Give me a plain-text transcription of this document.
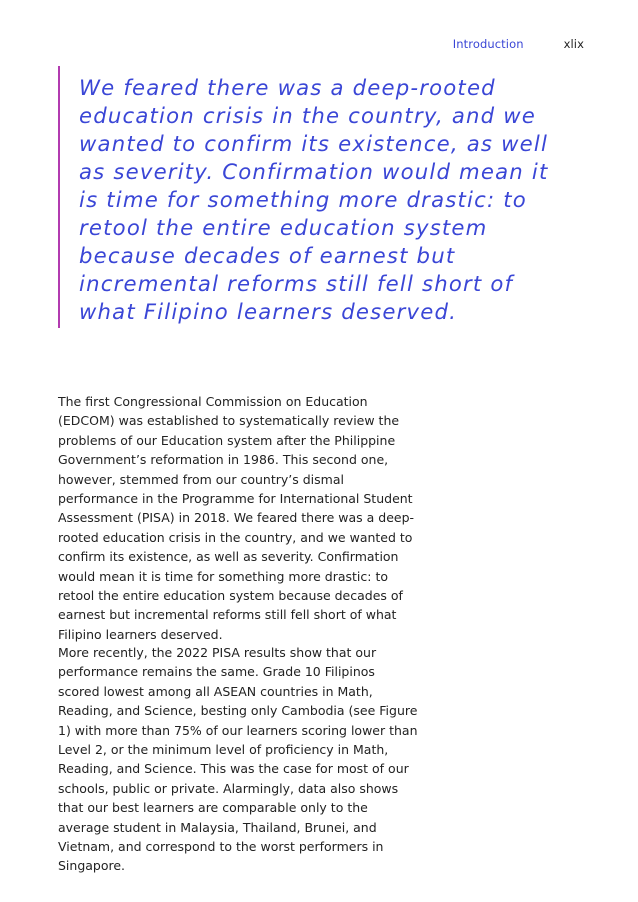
Introduction	xlix

We feared there was a deep-rooted education crisis in the country, and we wanted to confirm its existence, as well as severity. Confirmation would mean it is time for something more drastic: to retool the entire education system because decades of earnest but incremental reforms still fell short of what Filipino learners deserved.

The first Congressional Commission on Education (EDCOM) was established to systematically review the problems of our Education system after the Philippine Government’s reformation in 1986. This second one, however, stemmed from our country’s dismal performance in the Programme for International Student Assessment (PISA) in 2018. We feared there was a deep-rooted education crisis in the country, and we wanted to confirm its existence, as well as severity. Confirmation would mean it is time for something more drastic: to retool the entire education system because decades of earnest but incremental reforms still fell short of what Filipino learners deserved.

More recently, the 2022 PISA results show that our performance remains the same. Grade 10 Filipinos scored lowest among all ASEAN countries in Math, Reading, and Science, besting only Cambodia (see Figure 1) with more than 75% of our learners scoring lower than Level 2, or the minimum level of proficiency in Math, Reading, and Science. This was the case for most of our schools, public or private. Alarmingly, data also shows that our best learners are comparable only to the average student in Malaysia, Thailand, Brunei, and Vietnam, and correspond to the worst performers in Singapore.
